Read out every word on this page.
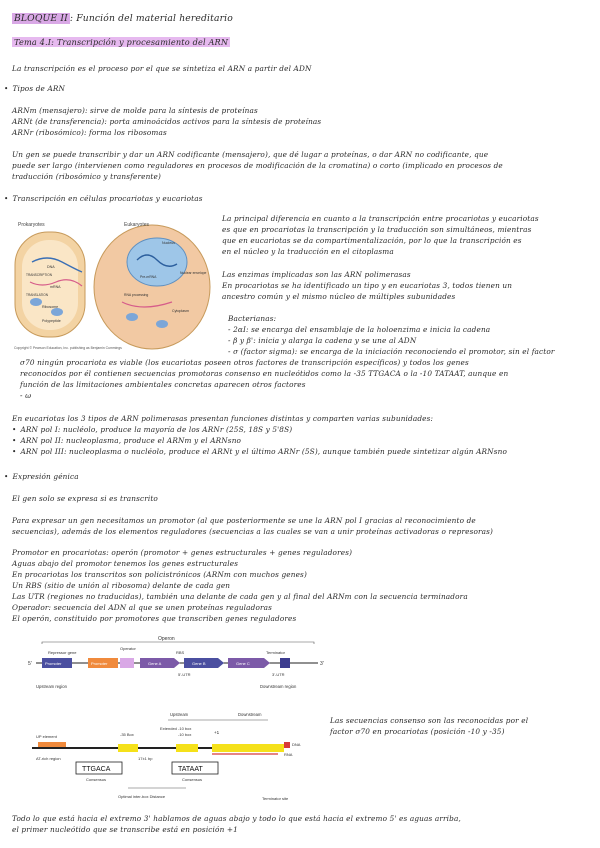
BLOQUE II : Función del material hereditario
Tema 4.I: Transcripción y procesamiento del ARN
La transcripción es el proceso por el que se sintetiza el ARN a partir del ADN
• Tipos de ARN
ARNm (mensajero): sirve de molde para la síntesis de proteínas
ARNt (de transferencia): porta aminoácidos activos para la síntesis de proteínas
ARNr (ribosómico): forma los ribosomas
Un gen se puede transcribir y dar un ARN codificante (mensajero), que dé lugar a proteínas, o dar ARN no codificante, que
puede ser largo (intervienen como reguladores en procesos de modificación de la cromatina) o corto (implicado en procesos de
traducción (ribosómico y transferente)
• Transcripción en células procariotas y eucariotas
Prokaryotes	Eukaryotes
DNA
mRNA
Ribosome
Polypeptide
TRANSCRIPTION
TRANSLATION
Nucleus
Cytoplasm
Nuclear envelope
Pre-mRNA
RNA processing
Copyright © Pearson Education, Inc. publishing as Benjamin Cummings
La principal diferencia en cuanto a la transcripción entre procariotas y eucariotas
es que en procariotas la transcripción y la traducción son simultáneos, mientras
que en eucariotas se da compartimentalización, por lo que la transcripción es
en el núcleo y la traducción en el citoplasma
Las enzimas implicadas son las ARN polimerasas
En procariotas se ha identificado un tipo y en eucariotas 3, todos tienen un
ancestro común y el mismo núcleo de múltiples subunidades
Bacterianas:
- 2αI: se encarga del ensamblaje de la holoenzima e inicia la cadena
- β y β': inicia y alarga la cadena y se une al ADN
- σ (factor sigma): se encarga de la iniciación reconociendo el promotor, sin el factor
σ70 ningún procariota es viable (los eucariotas poseen otros factores de transcripción específicos) y todos los genes
reconocidos por él contienen secuencias promotoras consenso en nucleótidos como la -35 TTGACA o la -10 TATAAT, aunque en
función de las limitaciones ambientales concretas aparecen otros factores
- ω
En eucariotas los 3 tipos de ARN polimerasas presentan funciones distintas y comparten varias subunidades:
• ARN pol I: nucléolo, produce la mayoría de los ARNr (25S, 18S y 5'8S)
• ARN pol II: nucleoplasma, produce el ARNm y el ARNsno
• ARN pol III: nucleoplasma o nucléolo, produce el ARNt y el último ARNr (5S), aunque también puede sintetizar algún ARNsno
• Expresión génica
El gen solo se expresa si es transcrito
Para expresar un gen necesitamos un promotor (al que posteriormente se une la ARN pol I gracias al reconocimiento de
secuencias), además de los elementos reguladores (secuencias a las cuales se van a unir proteínas activadoras o represoras)
Promotor en procariotas: operón (promotor + genes estructurales + genes reguladores)
Aguas abajo del promotor tenemos los genes estructurales
En procariotas los transcritos son policistrónicos (ARNm con muchos genes)
Un RBS (sitio de unión al ribosoma) delante de cada gen
Las UTR (regiones no traducidas), también una delante de cada gen y al final del ARNm con la secuencia terminadora
Operador: secuencia del ADN al que se unen proteínas reguladoras
El operón, constituido por promotores que transcriben genes reguladores
Operon
Repressor gene
Operator
RBS	Terminator
5'	3'
Promoter	Promoter	Gene A	Gene B	Gene C
5'-UTR	3'-UTR
Upstream region	Downstream region
Upstream	Downstream
Extended -10 box
-35 Box	-10 box	+1
UP element
AT-rich region
DNA
RNA
TTGACA
Consensus
TATAAT
Consensus
17±1 bp
Optimal inter-box Distance	Terminator site
Las secuencias consenso son las reconocidas por el
factor σ70 en procariotas (posición -10 y -35)
Todo lo que está hacia el extremo 3' hablamos de aguas abajo y todo lo que está hacia el extremo 5' es aguas arriba,
el primer nucleótido que se transcribe está en posición +1
